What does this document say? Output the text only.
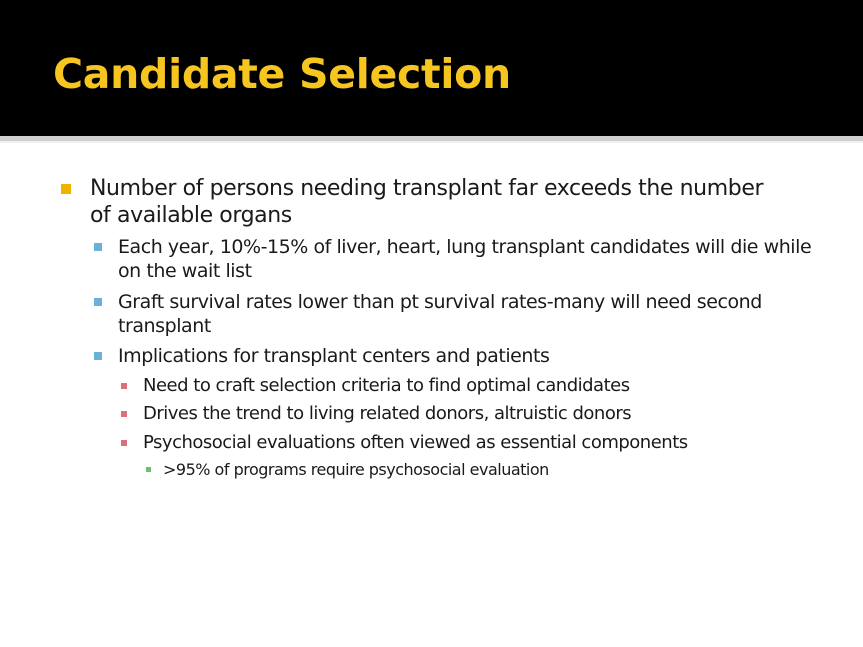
Candidate Selection
Number of persons needing transplant far exceeds the number of available organs
Each year, 10%-15% of liver, heart, lung transplant candidates will die while on the wait list
Graft survival rates lower than pt survival rates-many will need second transplant
Implications for transplant centers and patients
Need to craft selection criteria to find optimal candidates
Drives the trend to living related donors, altruistic donors
Psychosocial evaluations often viewed as essential components
>95% of programs require psychosocial evaluation
